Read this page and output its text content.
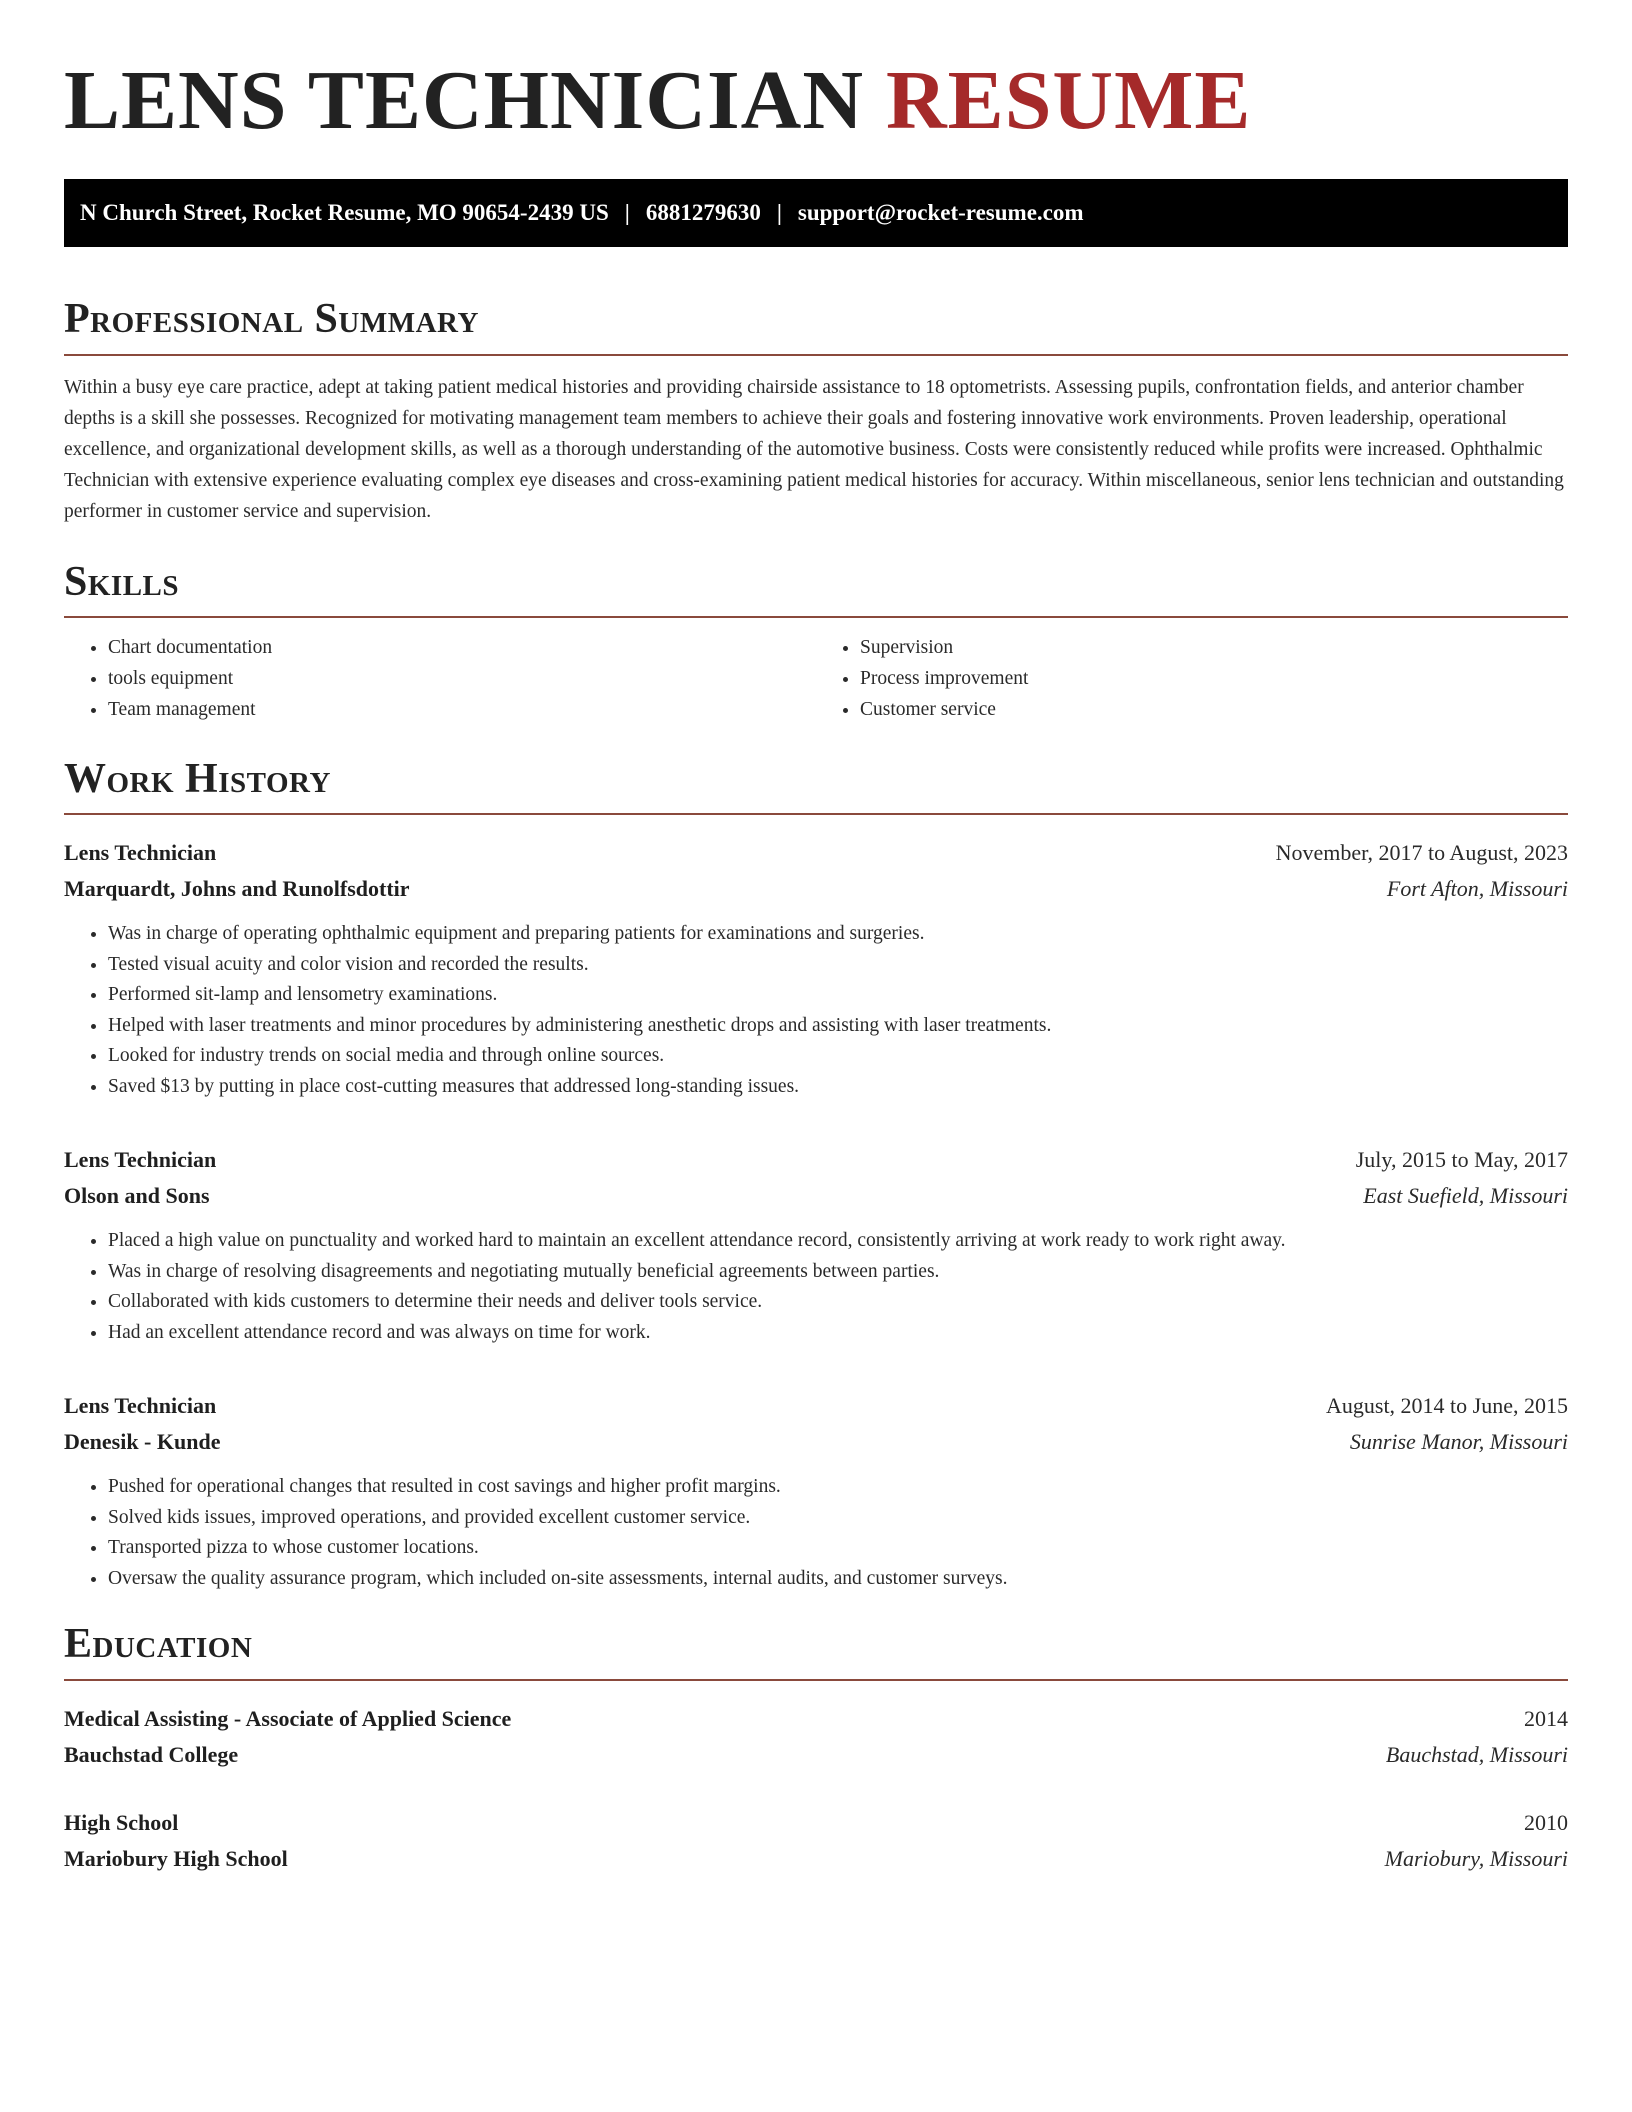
LENS TECHNICIAN RESUME
N Church Street, Rocket Resume, MO 90654-2439 US | 6881279630 | support@rocket-resume.com
Professional Summary

Within a busy eye care practice, adept at taking patient medical histories and providing chairside assistance to 18 optometrists. Assessing pupils, confrontation fields, and anterior chamber depths is a skill she possesses. Recognized for motivating management team members to achieve their goals and fostering innovative work environments. Proven leadership, operational excellence, and organizational development skills, as well as a thorough understanding of the automotive business. Costs were consistently reduced while profits were increased. Ophthalmic Technician with extensive experience evaluating complex eye diseases and cross-examining patient medical histories for accuracy. Within miscellaneous, senior lens technician and outstanding performer in customer service and supervision.

Skills
• Chart documentation
• tools equipment
• Team management
• Supervision
• Process improvement
• Customer service
Work History
Lens Technician	November, 2017 to August, 2023
Marquardt, Johns and Runolfsdottir	Fort Afton, Missouri
• Was in charge of operating ophthalmic equipment and preparing patients for examinations and surgeries.
• Tested visual acuity and color vision and recorded the results.
• Performed sit-lamp and lensometry examinations.
• Helped with laser treatments and minor procedures by administering anesthetic drops and assisting with laser treatments.
• Looked for industry trends on social media and through online sources.
• Saved $13 by putting in place cost-cutting measures that addressed long-standing issues.
Lens Technician	July, 2015 to May, 2017
Olson and Sons	East Suefield, Missouri
• Placed a high value on punctuality and worked hard to maintain an excellent attendance record, consistently arriving at work ready to work right away.
• Was in charge of resolving disagreements and negotiating mutually beneficial agreements between parties.
• Collaborated with kids customers to determine their needs and deliver tools service.
• Had an excellent attendance record and was always on time for work.
Lens Technician	August, 2014 to June, 2015
Denesik - Kunde	Sunrise Manor, Missouri
• Pushed for operational changes that resulted in cost savings and higher profit margins.
• Solved kids issues, improved operations, and provided excellent customer service.
• Transported pizza to whose customer locations.
• Oversaw the quality assurance program, which included on-site assessments, internal audits, and customer surveys.
Education
Medical Assisting - Associate of Applied Science	2014
Bauchstad College	Bauchstad, Missouri
High School	2010
Mariobury High School	Mariobury, Missouri
